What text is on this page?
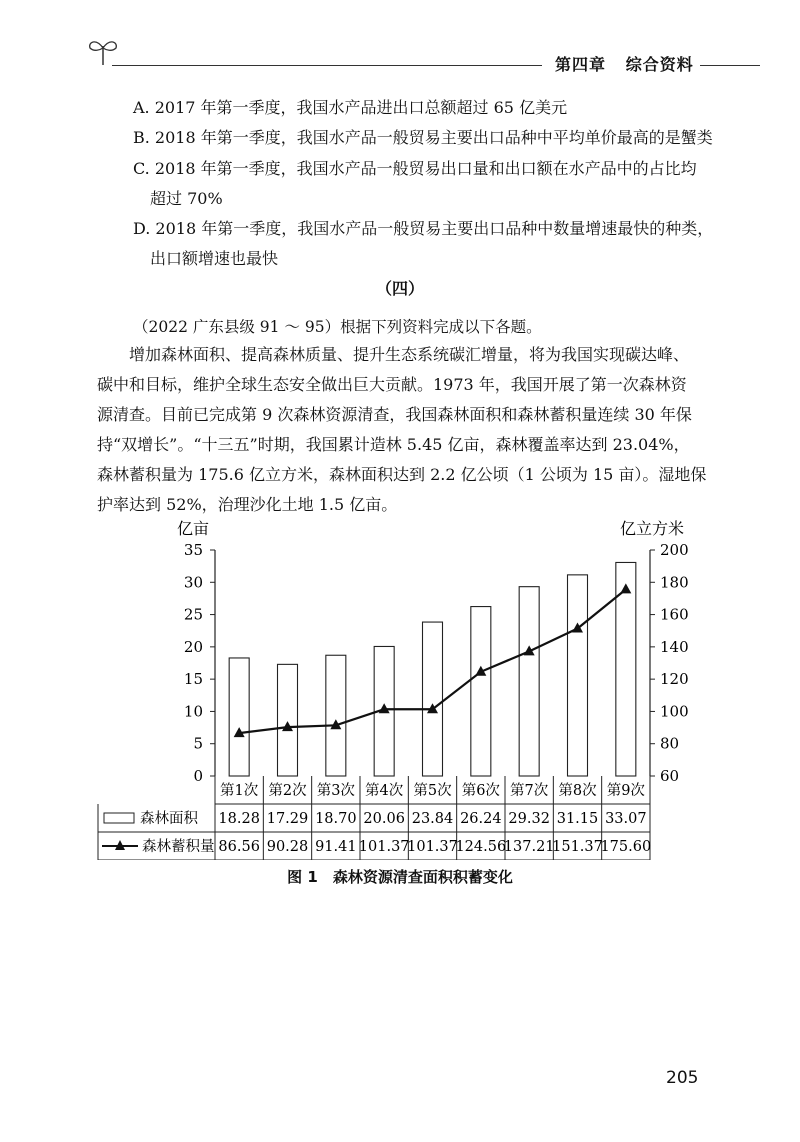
第四章 综合资料
A. 2017 年第一季度，我国水产品进出口总额超过 65 亿美元
B. 2018 年第一季度，我国水产品一般贸易主要出口品种中平均单价最高的是蟹类
C. 2018 年第一季度，我国水产品一般贸易出口量和出口额在水产品中的占比均
超过 70%
D. 2018 年第一季度，我国水产品一般贸易主要出口品种中数量增速最快的种类，
出口额增速也最快
（四）
（2022 广东县级 91 ～ 95）根据下列资料完成以下各题。
　　增加森林面积、提高森林质量、提升生态系统碳汇增量，将为我国实现碳达峰、
碳中和目标，维护全球生态安全做出巨大贡献。1973 年，我国开展了第一次森林资
源清查。目前已完成第 9 次森林资源清查，我国森林面积和森林蓄积量连续 30 年保
持“双增长”。“十三五”时期，我国累计造林 5.45 亿亩，森林覆盖率达到 23.04%，
森林蓄积量为 175.6 亿立方米，森林面积达到 2.2 亿公顷（1 公顷为 15 亩）。湿地保
护率达到 52%，治理沙化土地 1.5 亿亩。
亿亩	亿立方米
0
5
10
15
20
25
30
35
60
80
100
120
140
160
180
200
第1次 第2次 第3次 第4次 第5次 第6次 第7次 第8次 第9次
18.28 17.29 18.70 20.06 23.84 26.24 29.32 31.15 33.07
86.56 90.28 91.41 101.37
101.37
124.56
137.21
151.37
175.60
森林面积
森林蓄积量
图 1　森林资源清查面积积蓄变化
205
